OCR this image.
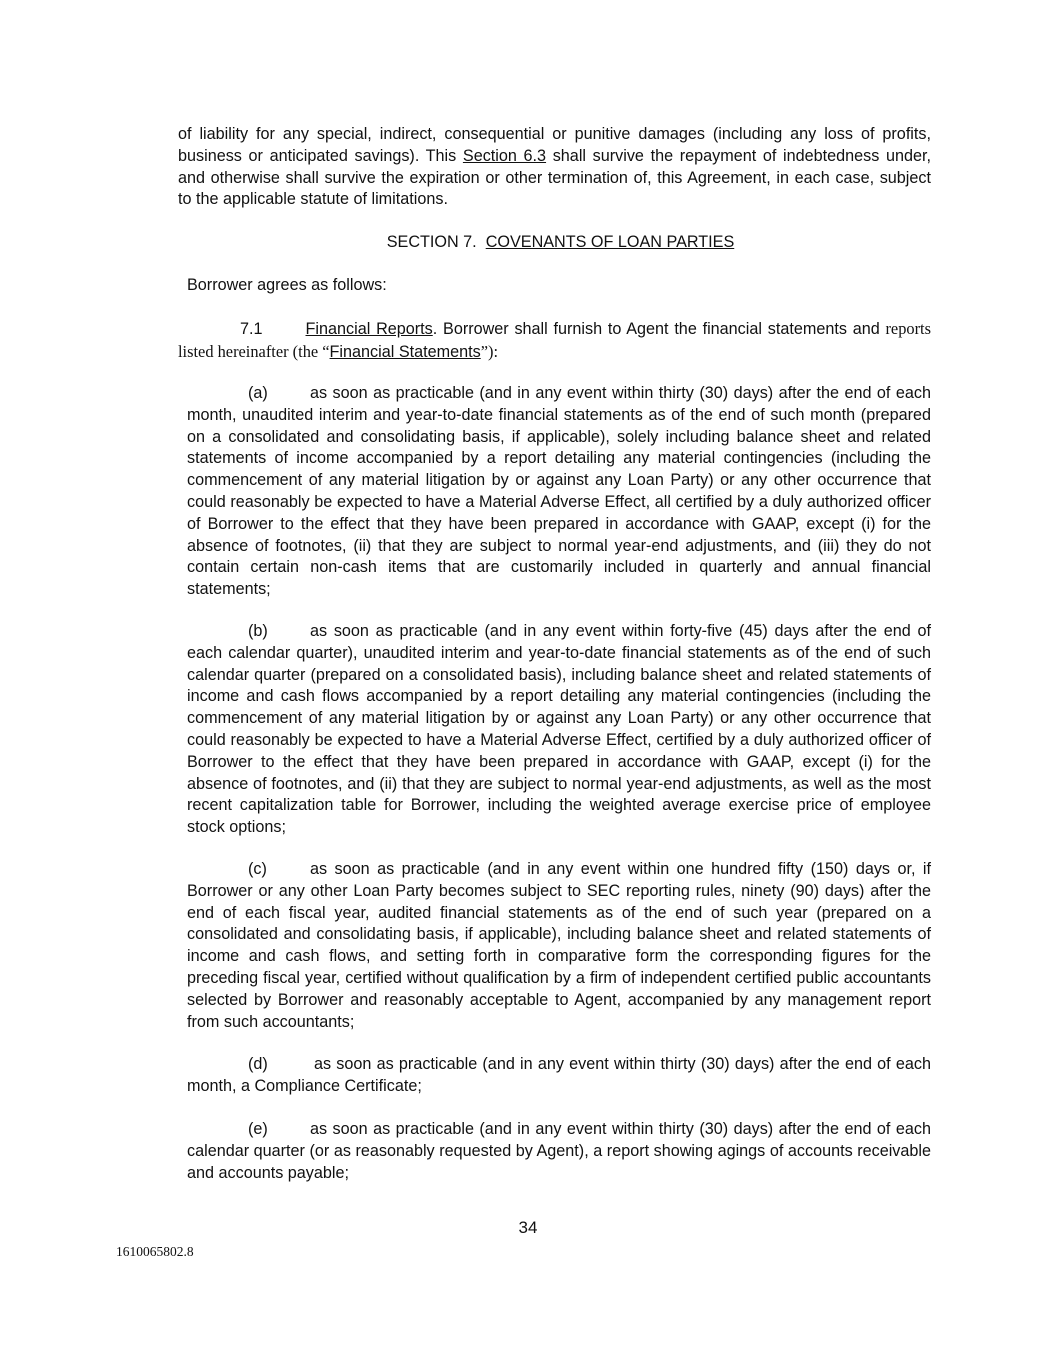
of liability for any special, indirect, consequential or punitive damages (including any loss of profits, business or anticipated savings). This Section 6.3 shall survive the repayment of indebtedness under, and otherwise shall survive the expiration or other termination of, this Agreement, in each case, subject to the applicable statute of limitations.

SECTION 7. COVENANTS OF LOAN PARTIES

Borrower agrees as follows:

7.1	Financial Reports. Borrower shall furnish to Agent the financial statements and reports listed hereinafter (the “Financial Statements”):

(a)	as soon as practicable (and in any event within thirty (30) days) after the end of each month, unaudited interim and year-to-date financial statements as of the end of such month (prepared on a consolidated and consolidating basis, if applicable), solely including balance sheet and related statements of income accompanied by a report detailing any material contingencies (including the commencement of any material litigation by or against any Loan Party) or any other occurrence that could reasonably be expected to have a Material Adverse Effect, all certified by a duly authorized officer of Borrower to the effect that they have been prepared in accordance with GAAP, except (i) for the absence of footnotes, (ii) that they are subject to normal year-end adjustments, and (iii) they do not contain certain non-cash items that are customarily included in quarterly and annual financial statements;

(b)	as soon as practicable (and in any event within forty-five (45) days after the end of each calendar quarter), unaudited interim and year-to-date financial statements as of the end of such calendar quarter (prepared on a consolidated basis), including balance sheet and related statements of income and cash flows accompanied by a report detailing any material contingencies (including the commencement of any material litigation by or against any Loan Party) or any other occurrence that could reasonably be expected to have a Material Adverse Effect, certified by a duly authorized officer of Borrower to the effect that they have been prepared in accordance with GAAP, except (i) for the absence of footnotes, and (ii) that they are subject to normal year-end adjustments, as well as the most recent capitalization table for Borrower, including the weighted average exercise price of employee stock options;

(c)	as soon as practicable (and in any event within one hundred fifty (150) days or, if Borrower or any other Loan Party becomes subject to SEC reporting rules, ninety (90) days) after the end of each fiscal year, audited financial statements as of the end of such year (prepared on a consolidated and consolidating basis, if applicable), including balance sheet and related statements of income and cash flows, and setting forth in comparative form the corresponding figures for the preceding fiscal year, certified without qualification by a firm of independent certified public accountants selected by Borrower and reasonably acceptable to Agent, accompanied by any management report from such accountants;

(d)	as soon as practicable (and in any event within thirty (30) days) after the end of each month, a Compliance Certificate;

(e)	as soon as practicable (and in any event within thirty (30) days) after the end of each calendar quarter (or as reasonably requested by Agent), a report showing agings of accounts receivable and accounts payable;

34
1610065802.8
